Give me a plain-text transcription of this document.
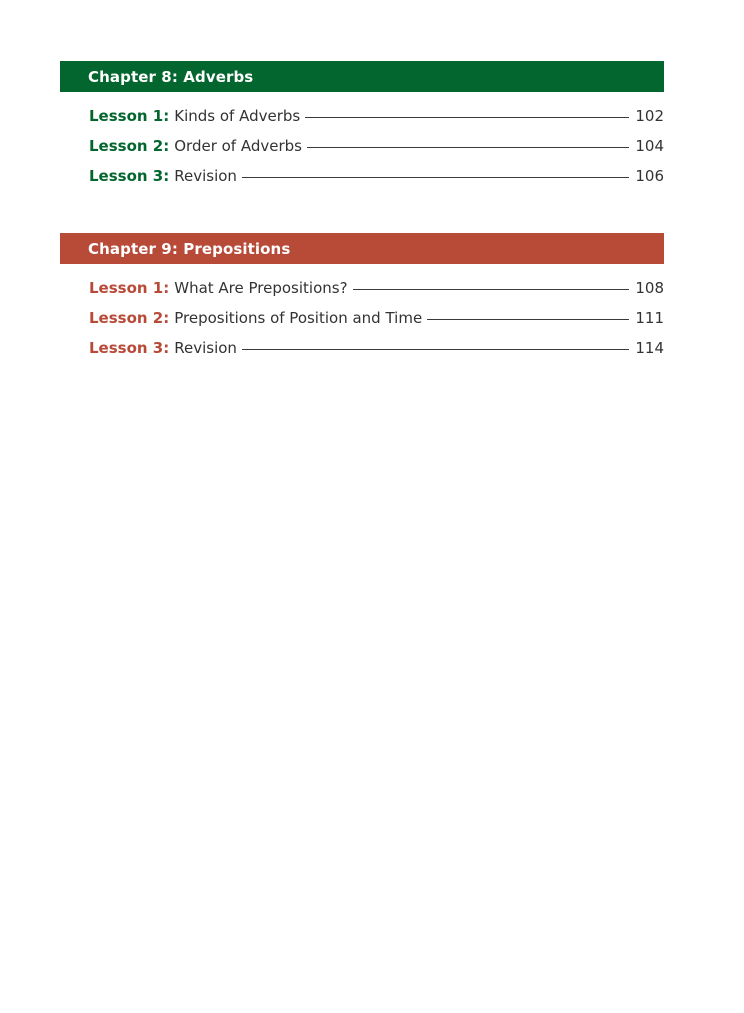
Chapter 8: Adverbs
Lesson 1: Kinds of Adverbs	102
Lesson 2: Order of Adverbs	104
Lesson 3: Revision	106
Chapter 9: Prepositions
Lesson 1: What Are Prepositions?	108
Lesson 2: Prepositions of Position and Time	111
Lesson 3: Revision	114
